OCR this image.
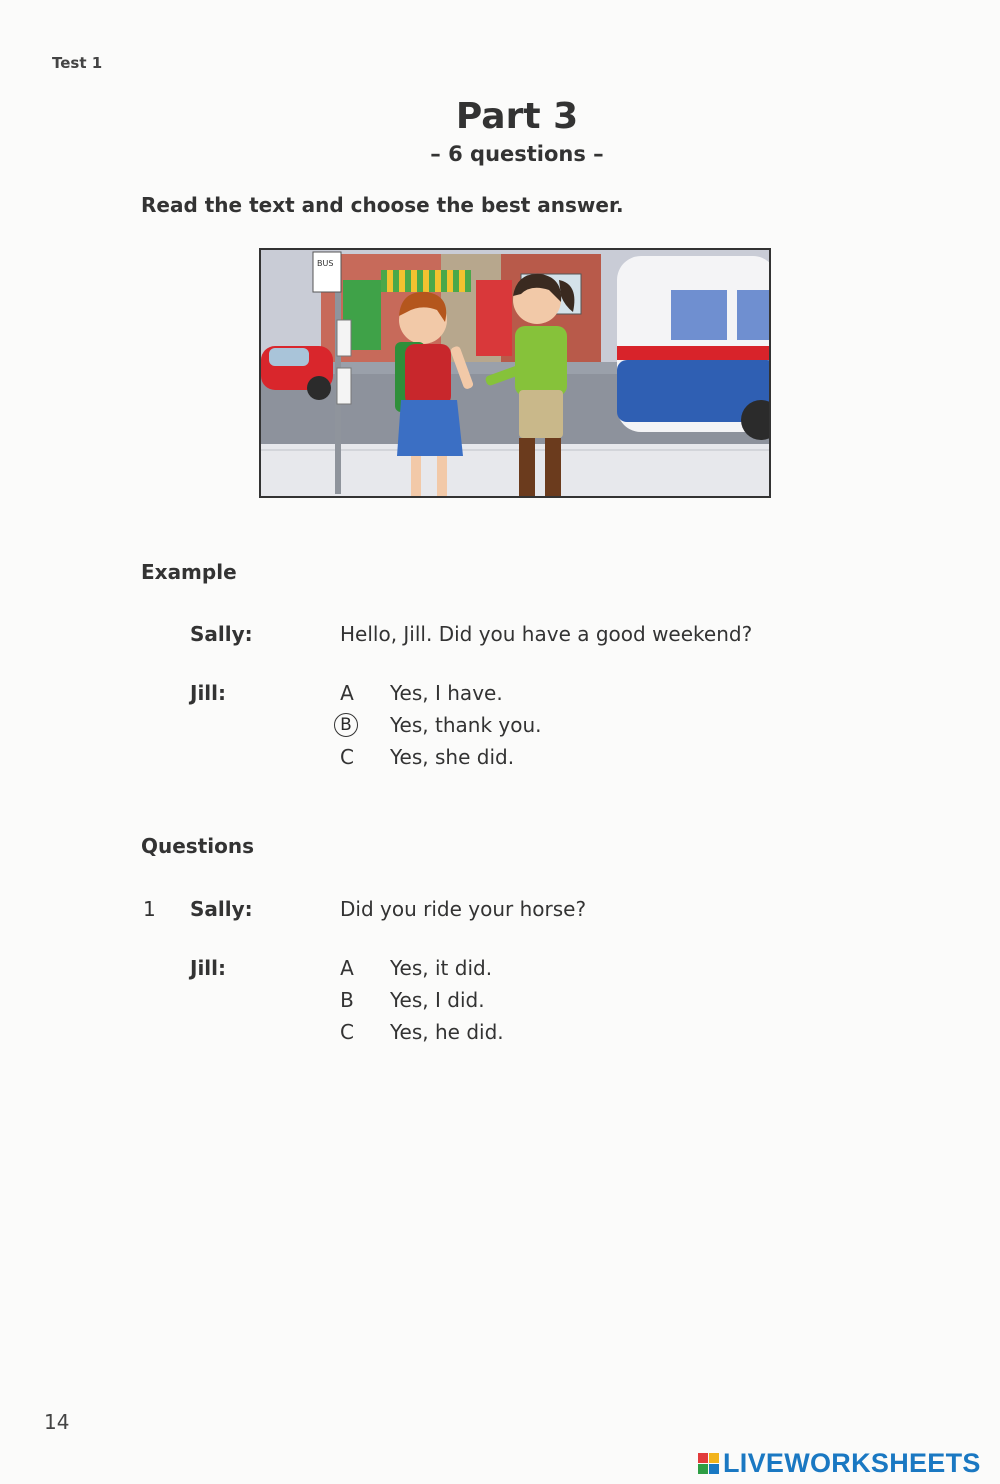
Test 1
Part 3
– 6 questions –
Read the text and choose the best answer.
BUS
Example
Sally:	Hello, Jill. Did you have a good weekend?
Jill:	A Yes, I have.
B	Yes, thank you.
C Yes, she did.
Questions
1 Sally:	Did you ride your horse?
Jill:	A Yes, it did.
B Yes, I did.
C Yes, he did.
14
LIVEWORKSHEETS
